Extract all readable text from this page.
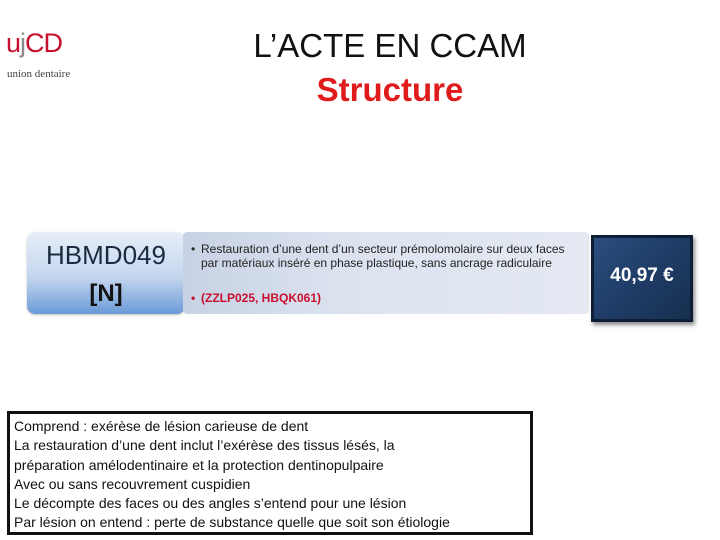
ujCD
union dentaire
L’ACTE EN CCAM
Structure
HBMD049
[N]
• Restauration d’une dent d’un secteur prémolomolaire sur deux faces par matériaux inséré en phase plastique, sans ancrage radiculaire
• (ZZLP025, HBQK061)
40,97 €
Comprend : exérèse de lésion carieuse de dent
La restauration d’une dent inclut l’exérèse des tissus lésés, la
préparation amélodentinaire et la protection dentinopulpaire
Avec ou sans recouvrement cuspidien
Le décompte des faces ou des angles s’entend pour une lésion
Par lésion on entend : perte de substance quelle que soit son étiologie
